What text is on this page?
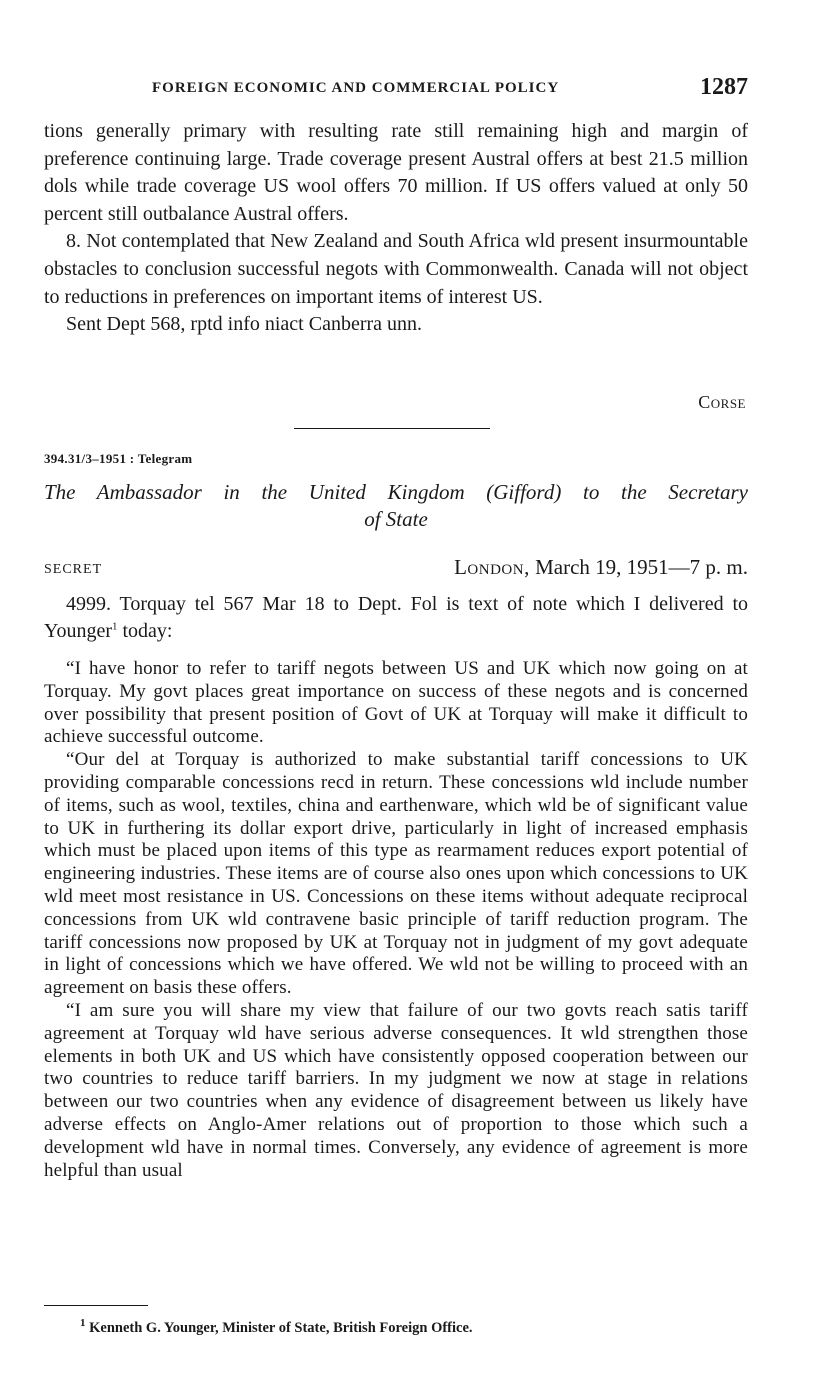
FOREIGN ECONOMIC AND COMMERCIAL POLICY	1287

tions generally primary with resulting rate still remaining high and margin of preference continuing large. Trade coverage present Austral offers at best 21.5 million dols while trade coverage US wool offers 70 million. If US offers valued at only 50 percent still outbalance Austral offers.

8. Not contemplated that New Zealand and South Africa wld present insurmountable obstacles to conclusion successful negots with Commonwealth. Canada will not object to reductions in preferences on important items of interest US.

Sent Dept 568, rptd info niact Canberra unn.

Corse
394.31/3–1951 : Telegram
The Ambassador in the United Kingdom (Gifford) to the Secretary
of State
SECRET	London, March 19, 1951—7 p. m.

4999. Torquay tel 567 Mar 18 to Dept. Fol is text of note which I delivered to Younger$^1$ today:

“I have honor to refer to tariff negots between US and UK which now going on at Torquay. My govt places great importance on success of these negots and is concerned over possibility that present position of Govt of UK at Torquay will make it difficult to achieve successful outcome.

“Our del at Torquay is authorized to make substantial tariff concessions to UK providing comparable concessions recd in return. These concessions wld include number of items, such as wool, textiles, china and earthenware, which wld be of significant value to UK in furthering its dollar export drive, particularly in light of increased emphasis which must be placed upon items of this type as rearmament reduces export potential of engineering industries. These items are of course also ones upon which concessions to UK wld meet most resistance in US. Concessions on these items without adequate reciprocal concessions from UK wld contravene basic principle of tariff reduction program. The tariff concessions now proposed by UK at Torquay not in judgment of my govt adequate in light of concessions which we have offered. We wld not be willing to proceed with an agreement on basis these offers.

“I am sure you will share my view that failure of our two govts reach satis tariff agreement at Torquay wld have serious adverse consequences. It wld strengthen those elements in both UK and US which have consistently opposed cooperation between our two countries to reduce tariff barriers. In my judgment we now at stage in relations between our two countries when any evidence of disagreement between us likely have adverse effects on Anglo-Amer relations out of proportion to those which such a development wld have in normal times. Conversely, any evidence of agreement is more helpful than usual

$^1$ Kenneth G. Younger, Minister of State, British Foreign Office.
